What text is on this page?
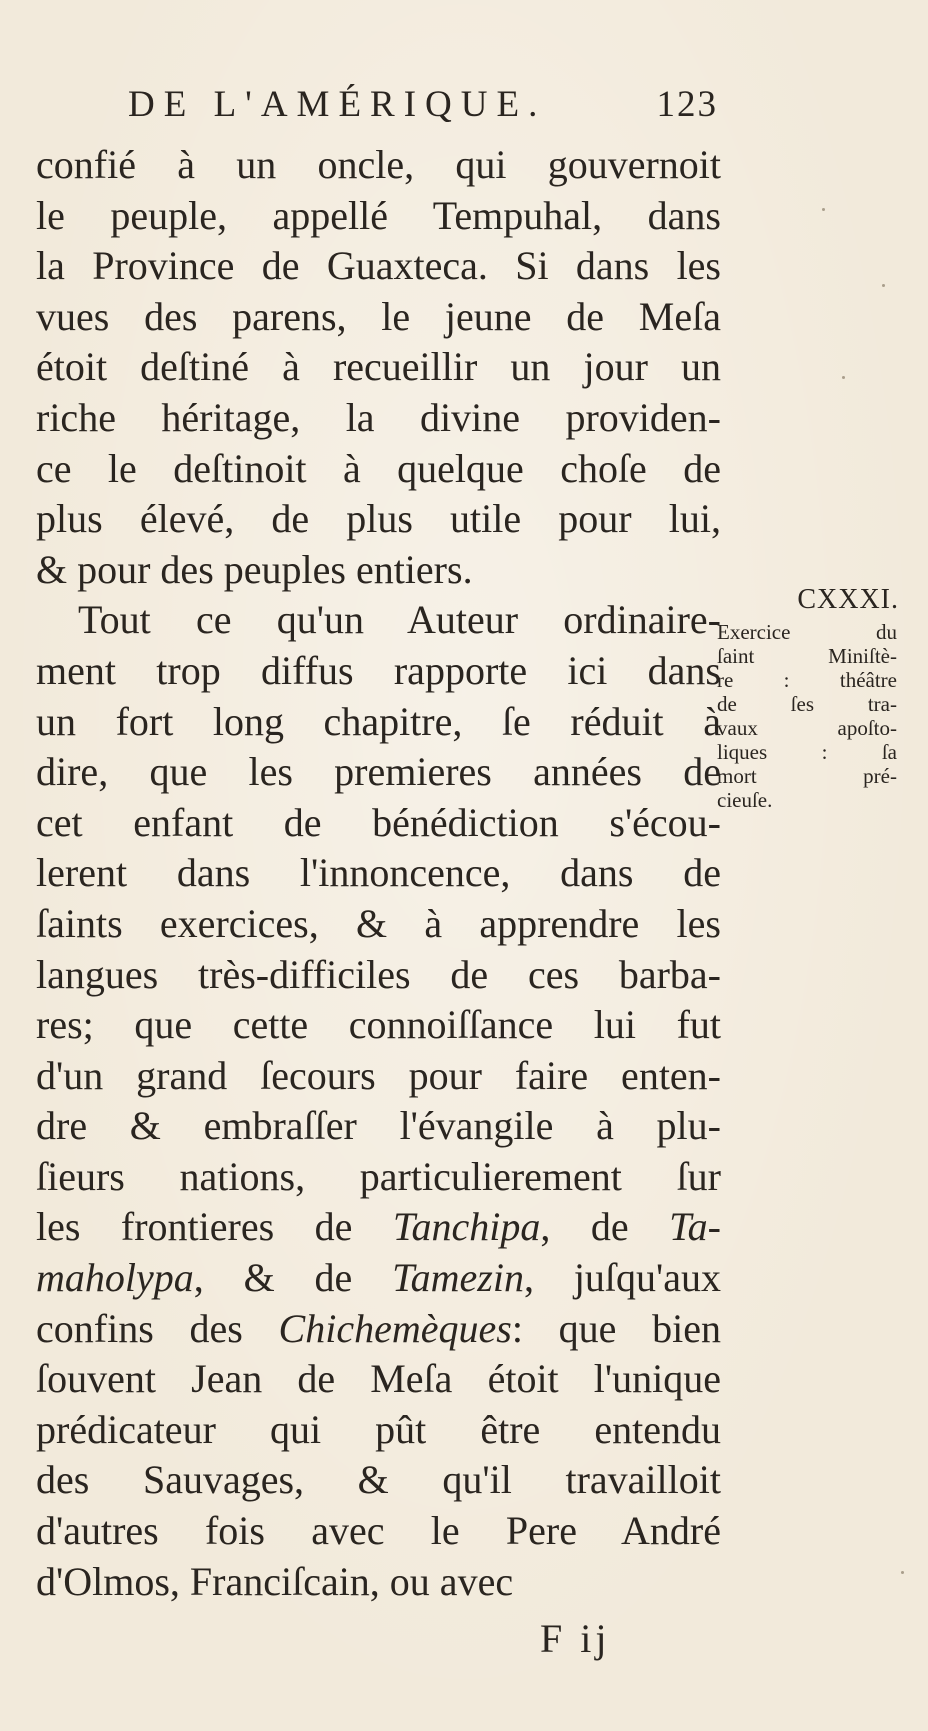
DE L'AMÉRIQUE.	123
confié à un oncle, qui gouvernoit
le peuple, appellé Tempuhal, dans
la Province de Guaxteca. Si dans les
vues des parens, le jeune de Meſa
étoit deſtiné à recueillir un jour un
riche héritage, la divine providen-
ce le deſtinoit à quelque choſe de
plus élevé, de plus utile pour lui,
& pour des peuples entiers.
Tout ce qu'un Auteur ordinaire-
ment trop diffus rapporte ici dans
un fort long chapitre, ſe réduit à
dire, que les premieres années de
cet enfant de bénédiction s'écou-
lerent dans l'innoncence, dans de
ſaints exercices, & à apprendre les
langues très-difficiles de ces barba-
res; que cette connoiſſance lui fut
d'un grand ſecours pour faire enten-
dre & embraſſer l'évangile à plu-
ſieurs nations, particulierement ſur
les frontieres de Tanchipa, de Ta-
maholypa, & de Tamezin, juſqu'aux
confins des Chichemèques: que bien
ſouvent Jean de Meſa étoit l'unique
prédicateur qui pût être entendu
des Sauvages, & qu'il travailloit
d'autres fois avec le Pere André
d'Olmos, Franciſcain, ou avec
CXXXI.
Exercice du
ſaint Miniſtè-
re : théâtre
de ſes tra-
vaux apoſto-
liques : ſa
mort pré-
cieuſe.
F ij
